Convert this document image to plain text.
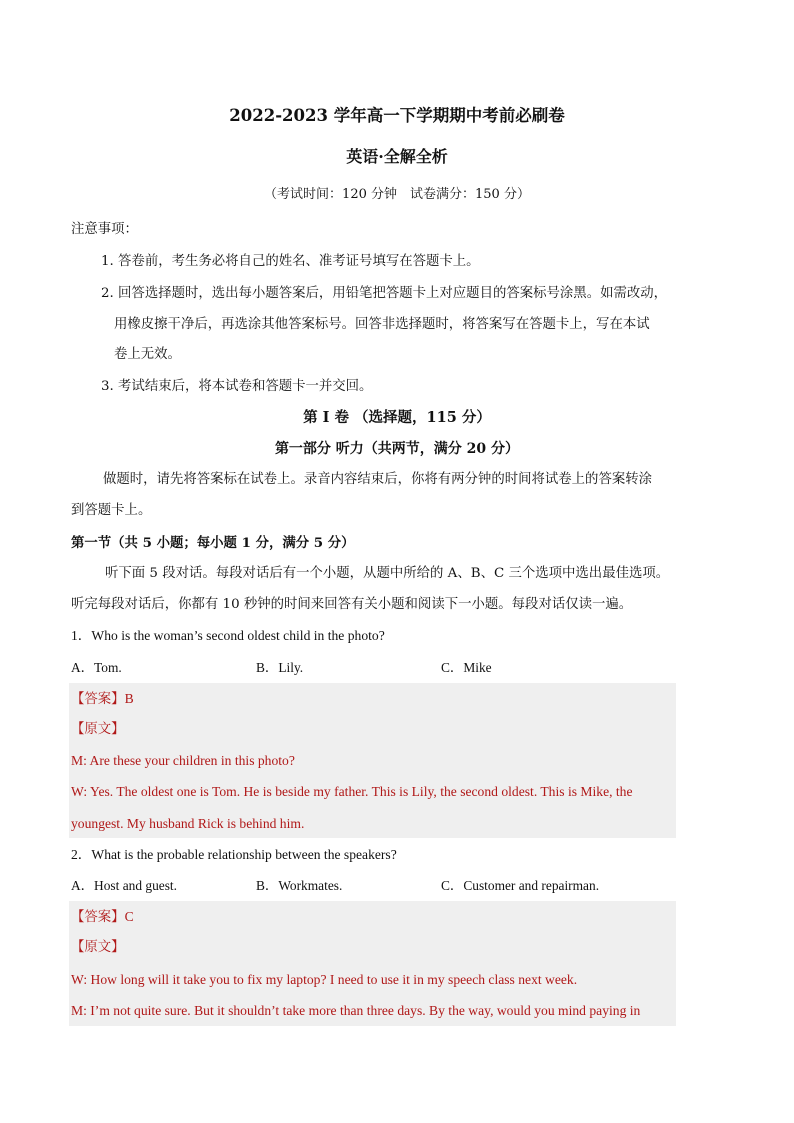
2022-2023 学年高一下学期期中考前必刷卷
英语·全解全析
（考试时间：120 分钟　试卷满分：150 分）
注意事项：
1. 答卷前，考生务必将自己的姓名、准考证号填写在答题卡上。
2. 回答选择题时，选出每小题答案后，用铅笔把答题卡上对应题目的答案标号涂黑。如需改动，
用橡皮擦干净后，再选涂其他答案标号。回答非选择题时，将答案写在答题卡上，写在本试
卷上无效。
3. 考试结束后，将本试卷和答题卡一并交回。
第 I 卷 （选择题，115 分）
第一部分 听力（共两节，满分 20 分）
做题时，请先将答案标在试卷上。录音内容结束后，你将有两分钟的时间将试卷上的答案转涂
到答题卡上。
第一节（共 5 小题；每小题 1 分，满分 5 分）
听下面 5 段对话。每段对话后有一个小题，从题中所给的 A、B、C 三个选项中选出最佳选项。
听完每段对话后，你都有 10 秒钟的时间来回答有关小题和阅读下一小题。每段对话仅读一遍。
1．Who is the woman’s second oldest child in the photo?
A．Tom.	B．Lily.	C．Mike
【答案】B
【原文】
M: Are these your children in this photo?
W: Yes. The oldest one is Tom. He is beside my father. This is Lily, the second oldest. This is Mike, the
youngest. My husband Rick is behind him.
2．What is the probable relationship between the speakers?
A．Host and guest.	B．Workmates.	C．Customer and repairman.
【答案】C
【原文】
W: How long will it take you to fix my laptop? I need to use it in my speech class next week.
M: I’m not quite sure. But it shouldn’t take more than three days. By the way, would you mind paying in
